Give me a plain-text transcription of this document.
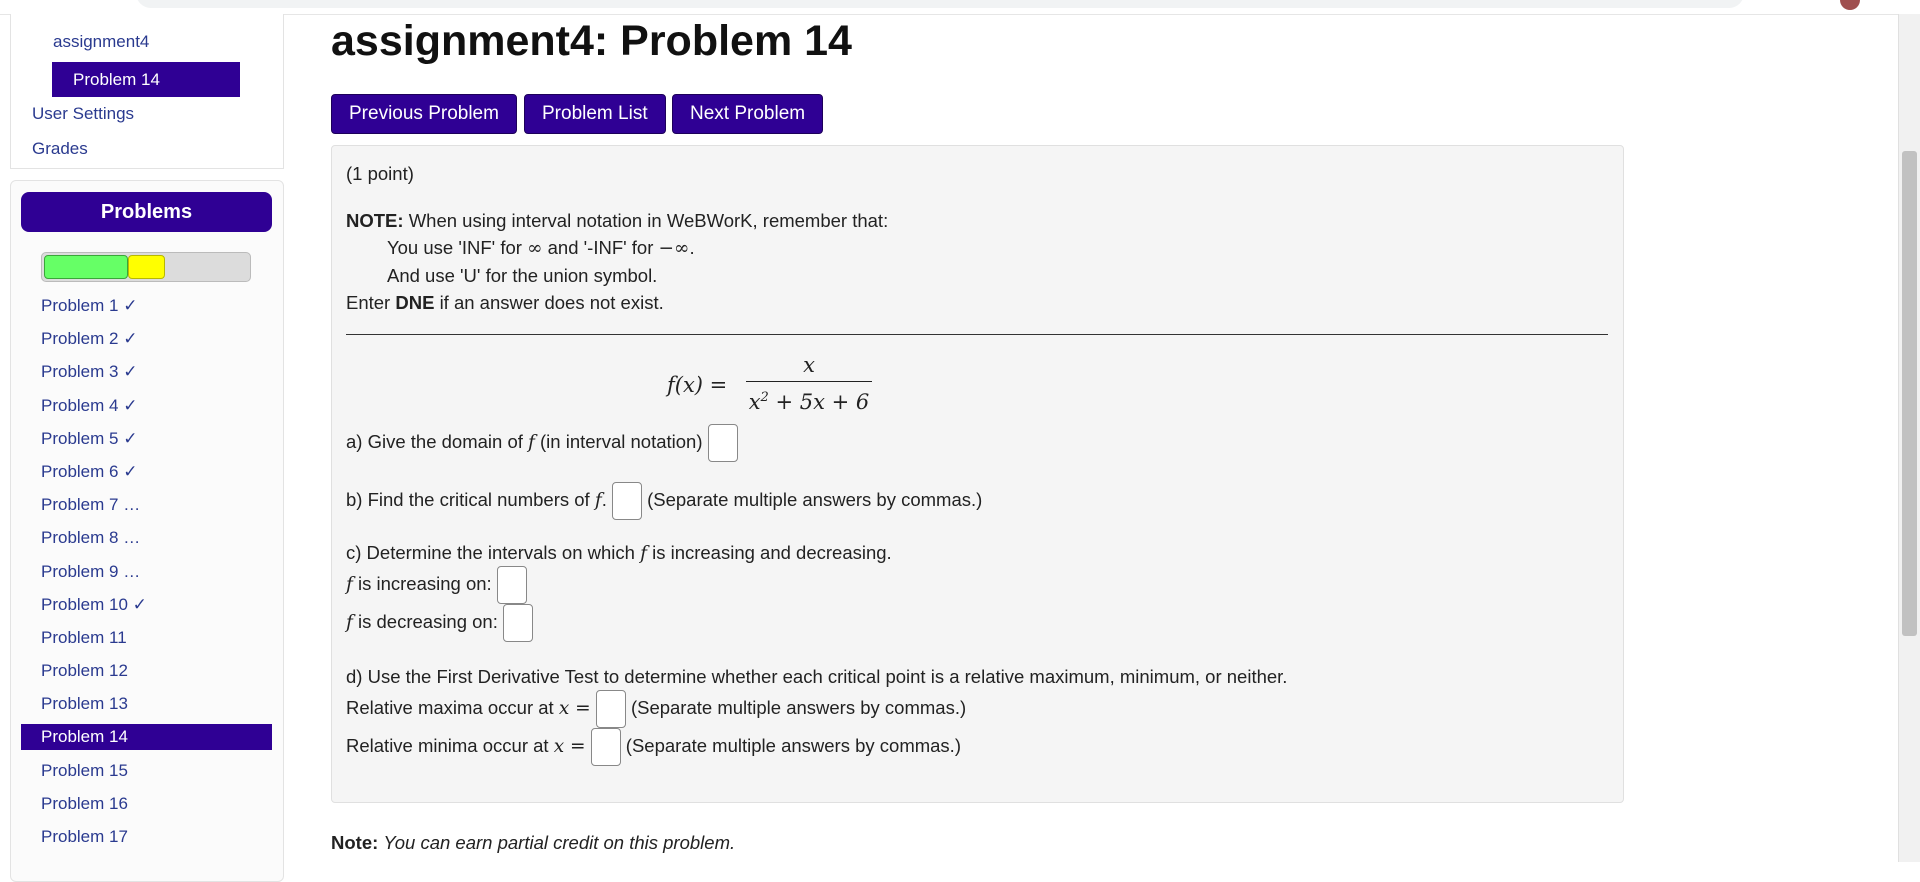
assignment4
Problem 14
User Settings
Grades
Problems
Problem 1 ✓
Problem 2 ✓
Problem 3 ✓
Problem 4 ✓
Problem 5 ✓
Problem 6 ✓
Problem 7 …
Problem 8 …
Problem 9 …
Problem 10 ✓
Problem 11
Problem 12
Problem 13
Problem 14
Problem 15
Problem 16
Problem 17
assignment4: Problem 14
Previous Problem	Problem List	Next Problem
(1 point)
NOTE: When using interval notation in WeBWorK, remember that:
You use 'INF' for ∞ and '-INF' for −∞.
And use 'U' for the union symbol.
Enter DNE if an answer does not exist.
f(x) =
x
$x^2 + 5x + 6$
a) Give the domain of f (in interval notation)
b) Find the critical numbers of f. (Separate multiple answers by commas.)
c) Determine the intervals on which f is increasing and decreasing.
f is increasing on:
f is decreasing on:
d) Use the First Derivative Test to determine whether each critical point is a relative maximum, minimum, or neither.
Relative maxima occur at x = (Separate multiple answers by commas.)
Relative minima occur at x = (Separate multiple answers by commas.)
Note: You can earn partial credit on this problem.
